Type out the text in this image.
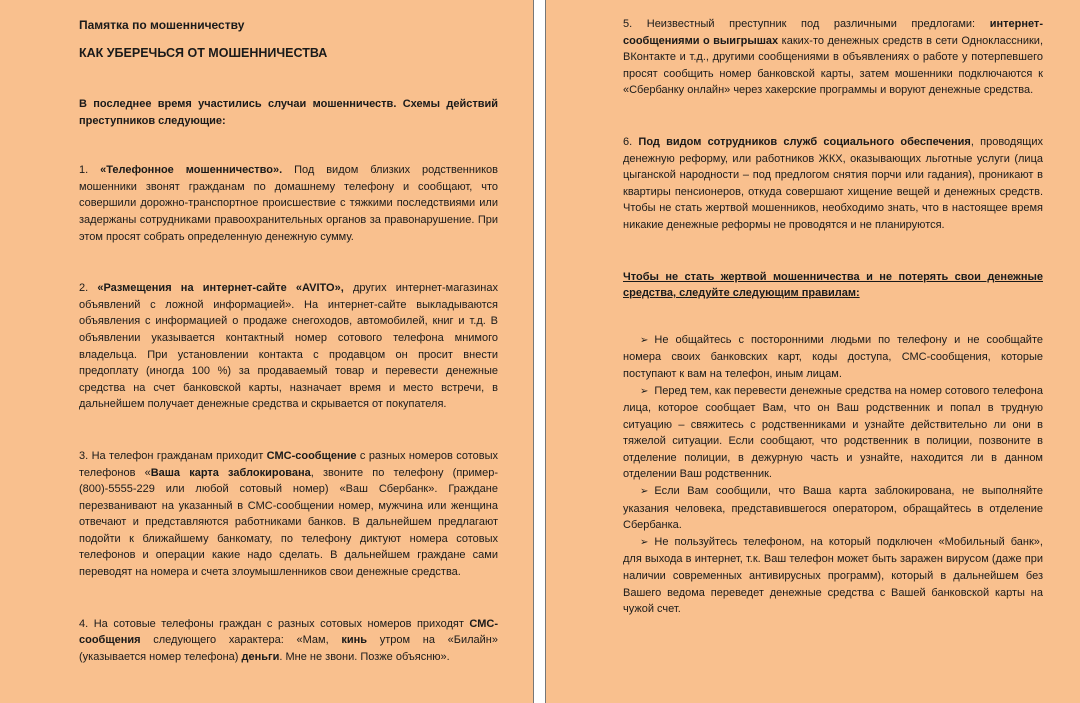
Памятка по мошенничеству
КАК УБЕРЕЧЬСЯ ОТ МОШЕННИЧЕСТВА

В последнее время участились случаи мошенничеств. Схемы действий преступников следующие:

1. «Телефонное мошенничество». Под видом близких родственников мошенники звонят гражданам по домашнему телефону и сообщают, что совершили дорожно-транспортное происшествие с тяжкими последствиями или задержаны сотрудниками правоохранительных органов за правонарушение. При этом просят собрать определенную денежную сумму.

2. «Размещения на интернет-сайте «AVITO», других интернет-магазинах объявлений с ложной информацией». На интернет-сайте выкладываются объявления с информацией о продаже снегоходов, автомобилей, книг и т.д. В объявлении указывается контактный номер сотового телефона мнимого владельца. При установлении контакта с продавцом он просит внести предоплату (иногда 100 %) за продаваемый товар и перевести денежные средства на счет банковской карты, назначает время и место встречи, в дальнейшем получает денежные средства и скрывается от покупателя.

3. На телефон гражданам приходит СМС-сообщение с разных номеров сотовых телефонов «Ваша карта заблокирована, звоните по телефону (пример-(800)-5555-229 или любой сотовый номер) «Ваш Сбербанк». Граждане перезванивают на указанный в СМС-сообщении номер, мужчина или женщина отвечают и представляются работниками банков. В дальнейшем предлагают подойти к ближайшему банкомату, по телефону диктуют номера сотовых телефонов и операции какие надо сделать. В дальнейшем граждане сами переводят на номера и счета злоумышленников свои денежные средства.

4. На сотовые телефоны граждан с разных сотовых номеров приходят СМС-сообщения следующего характера: «Мам, кинь утром на «Билайн» (указывается номер телефона) деньги. Мне не звони. Позже объясню».

5. Неизвестный преступник под различными предлогами: интернет-сообщениями о выигрышах каких-то денежных средств в сети Одноклассники, ВКонтакте и т.д., другими сообщениями в объявлениях о работе у потерпевшего просят сообщить номер банковской карты, затем мошенники подключаются к «Сбербанку онлайн» через хакерские программы и воруют денежные средства.

6. Под видом сотрудников служб социального обеспечения, проводящих денежную реформу, или работников ЖКХ, оказывающих льготные услуги (лица цыганской народности – под предлогом снятия порчи или гадания), проникают в квартиры пенсионеров, откуда совершают хищение вещей и денежных средств. Чтобы не стать жертвой мошенников, необходимо знать, что в настоящее время никакие денежные реформы не проводятся и не планируются.

Чтобы не стать жертвой мошенничества и не потерять свои денежные средства, следуйте следующим правилам:

➢ Не общайтесь с посторонними людьми по телефону и не сообщайте номера своих банковских карт, коды доступа, СМС-сообщения, которые поступают к вам на телефон, иным лицам.

➢ Перед тем, как перевести денежные средства на номер сотового телефона лица, которое сообщает Вам, что он Ваш родственник и попал в трудную ситуацию – свяжитесь с родственниками и узнайте действительно ли они в тяжелой ситуации. Если сообщают, что родственник в полиции, позвоните в отделение полиции, в дежурную часть и узнайте, находится ли в данном отделении Ваш родственник.

➢ Если Вам сообщили, что Ваша карта заблокирована, не выполняйте указания человека, представившегося оператором, обращайтесь в отделение Сбербанка.

➢ Не пользуйтесь телефоном, на который подключен «Мобильный банк», для выхода в интернет, т.к. Ваш телефон может быть заражен вирусом (даже при наличии современных антивирусных программ), который в дальнейшем без Вашего ведома переведет денежные средства с Вашей банковской карты на чужой счет.
